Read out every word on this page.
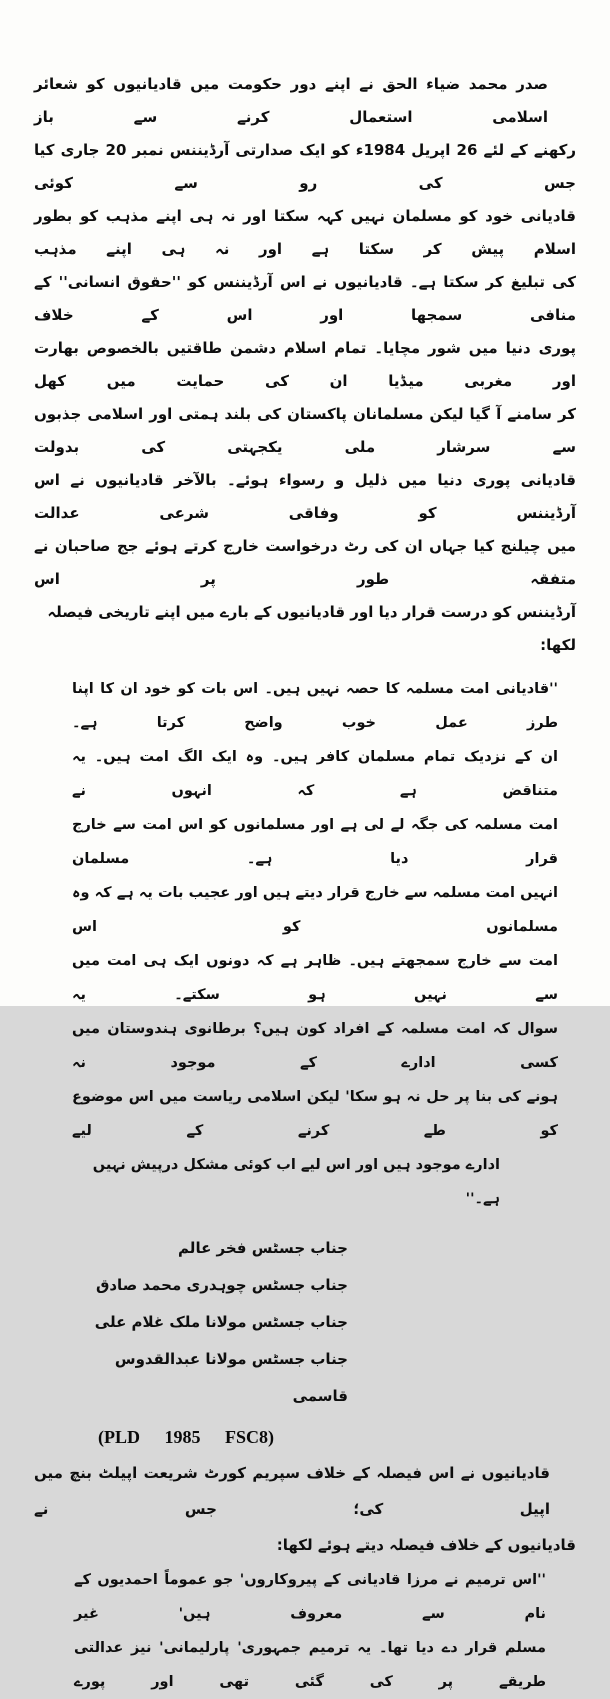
صدر محمد ضیاء الحق نے اپنے دور حکومت میں قادیانیوں کو شعائر اسلامی استعمال کرنے سے باز
رکھنے کے لئے 26 اپریل 1984ء کو ایک صدارتی آرڈیننس نمبر 20 جاری کیا جس کی رو سے کوئی
قادیانی خود کو مسلمان نہیں کہہ سکتا اور نہ ہی اپنے مذہب کو بطور اسلام پیش کر سکتا ہے اور نہ ہی اپنے مذہب
کی تبلیغ کر سکتا ہے۔ قادیانیوں نے اس آرڈیننس کو ''حقوق انسانی'' کے منافی سمجھا اور اس کے خلاف
پوری دنیا میں شور مچایا۔ تمام اسلام دشمن طاقتیں بالخصوص بھارت اور مغربی میڈیا ان کی حمایت میں کھل
کر سامنے آ گیا لیکن مسلمانان پاکستان کی بلند ہمتی اور اسلامی جذبوں سے سرشار ملی یکجہتی کی بدولت
قادیانی پوری دنیا میں ذلیل و رسواء ہوئے۔ بالآخر قادیانیوں نے اس آرڈیننس کو وفاقی شرعی عدالت
میں چیلنج کیا جہاں ان کی رٹ درخواست خارج کرتے ہوئے جج صاحبان نے متفقہ طور پر اس
آرڈیننس کو درست قرار دیا اور قادیانیوں کے بارے میں اپنے تاریخی فیصلہ لکھا:
''قادیانی امت مسلمہ کا حصہ نہیں ہیں۔ اس بات کو خود ان کا اپنا طرز عمل خوب واضح کرتا ہے۔
ان کے نزدیک تمام مسلمان کافر ہیں۔ وہ ایک الگ امت ہیں۔ یہ متناقض ہے کہ انہوں نے
امت مسلمہ کی جگہ لے لی ہے اور مسلمانوں کو اس امت سے خارج قرار دیا ہے۔ مسلمان
انہیں امت مسلمہ سے خارج قرار دیتے ہیں اور عجیب بات یہ ہے کہ وہ مسلمانوں کو اس
امت سے خارج سمجھتے ہیں۔ ظاہر ہے کہ دونوں ایک ہی امت میں سے نہیں ہو سکتے۔ یہ
سوال کہ امت مسلمہ کے افراد کون ہیں؟ برطانوی ہندوستان میں کسی ادارے کے موجود نہ
ہونے کی بنا پر حل نہ ہو سکا' لیکن اسلامی ریاست میں اس موضوع کو طے کرنے کے لیے
ادارے موجود ہیں اور اس لیے اب کوئی مشکل درپیش نہیں ہے۔''
جناب جسٹس فخر عالم
جناب جسٹس چوہدری محمد صادق
جناب جسٹس مولانا ملک غلام علی
جناب جسٹس مولانا عبدالقدوس قاسمی
(PLD 1985 FSC8)
قادیانیوں نے اس فیصلہ کے خلاف سپریم کورٹ شریعت اپیلٹ بنچ میں اپیل کی؛ جس نے
قادیانیوں کے خلاف فیصلہ دیتے ہوئے لکھا:
''اس ترمیم نے مرزا قادیانی کے پیروکاروں' جو عموماً احمدیوں کے نام سے معروف ہیں' غیر
مسلم قرار دے دیا تھا۔ یہ ترمیم جمہوری' پارلیمانی' نیز عدالتی طریقے پر کی گئی تھی اور پورے
